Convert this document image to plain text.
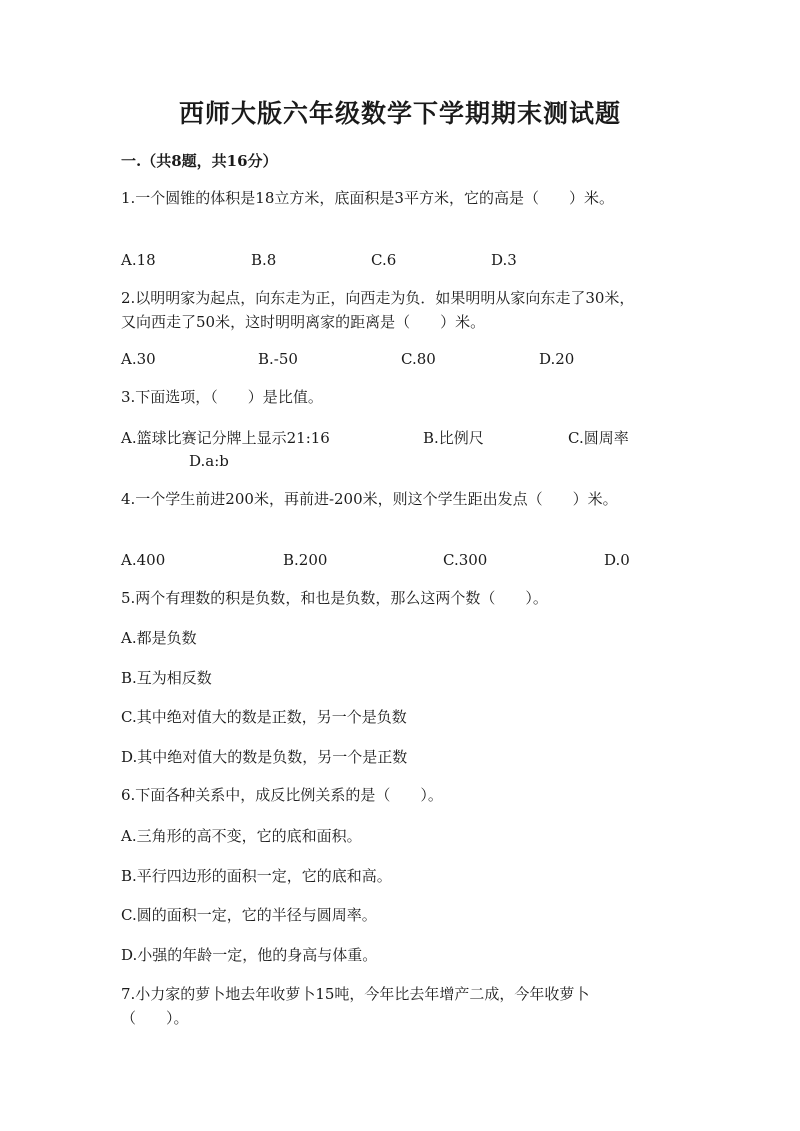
西师大版六年级数学下学期期末测试题
一.（共8题，共16分）
1.一个圆锥的体积是18立方米，底面积是3平方米，它的高是（　　）米。
A.18	B.8	C.6	D.3
2.以明明家为起点，向东走为正，向西走为负．如果明明从家向东走了30米，
又向西走了50米，这时明明离家的距离是（　　）米。
A.30	B.-50	C.80	D.20
3.下面选项，（　　）是比值。
A.篮球比赛记分牌上显示21:16	B.比例尺	C.圆周率
D.a:b
4.一个学生前进200米，再前进-200米，则这个学生距出发点（　　）米。
A.400	B.200	C.300	D.0
5.两个有理数的积是负数，和也是负数，那么这两个数（　　）。
A.都是负数
B.互为相反数
C.其中绝对值大的数是正数，另一个是负数
D.其中绝对值大的数是负数，另一个是正数
6.下面各种关系中，成反比例关系的是（　　）。
A.三角形的高不变，它的底和面积。
B.平行四边形的面积一定，它的底和高。
C.圆的面积一定，它的半径与圆周率。
D.小强的年龄一定，他的身高与体重。
7.小力家的萝卜地去年收萝卜15吨，今年比去年增产二成，今年收萝卜
（　　）。
